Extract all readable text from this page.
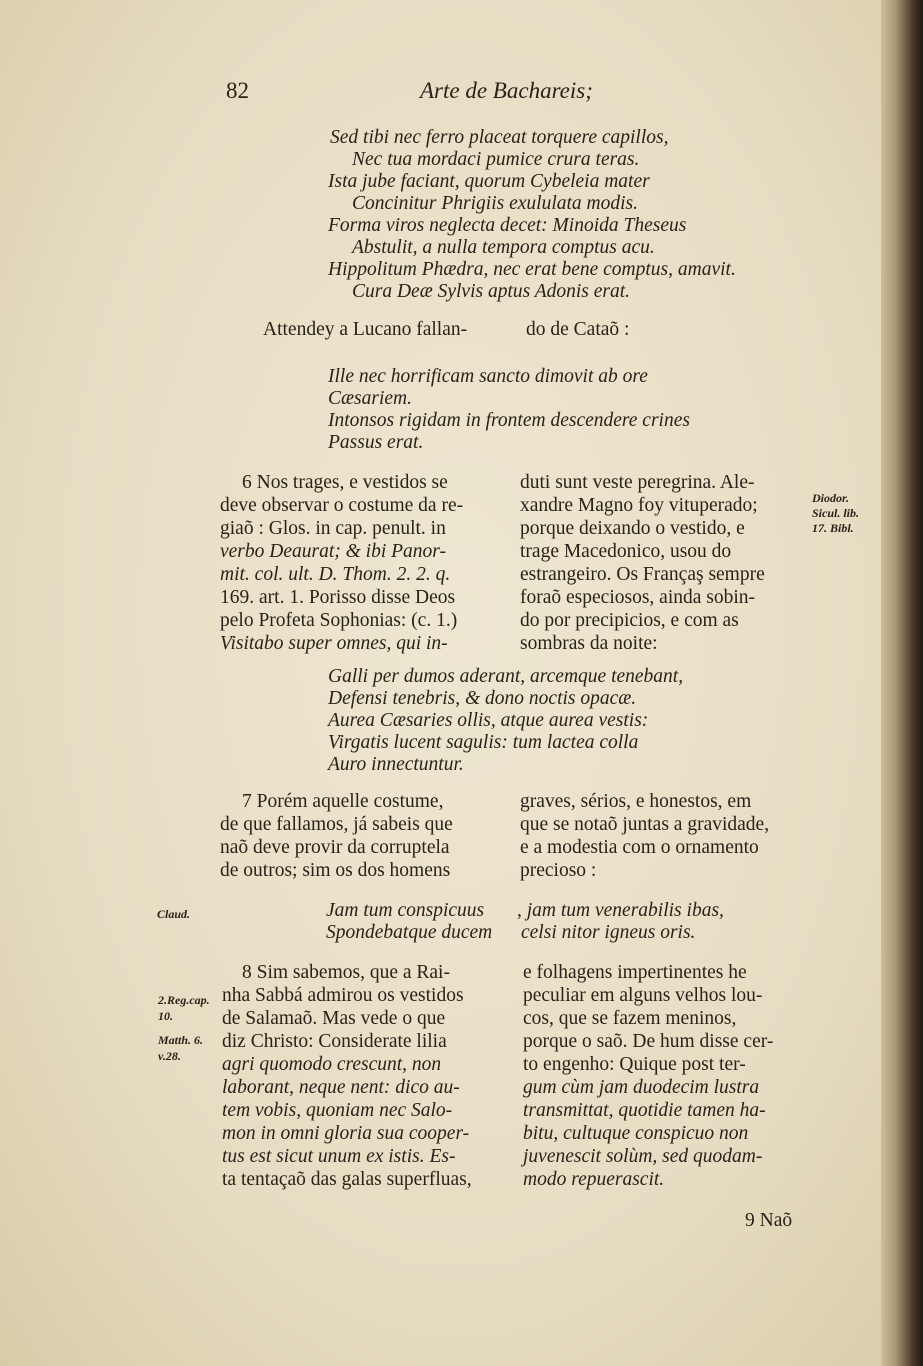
82	Arte de Bachareis;
Sed tibi nec ferro placeat torquere capillos,
Nec tua mordaci pumice crura teras.
Ista jube faciant, quorum Cybeleia mater
Concinitur Phrigiis exululata modis.
Forma viros neglecta decet: Minoida Theseus
Abstulit, a nulla tempora comptus acu.
Hippolitum Phædra, nec erat bene comptus, amavit.
Cura Deæ Sylvis aptus Adonis erat.
Attendey a Lucano fallan-	do de Cataõ :
Ille nec horrificam sancto dimovit ab ore
Cæsariem.
Intonsos rigidam in frontem descendere crines
Passus erat.
6 Nos trages, e vestidos se
deve observar o costume da re-
giaõ : Glos. in cap. penult. in
verbo Deaurat; & ibi Panor-
mit. col. ult. D. Thom. 2. 2. q.
169. art. 1. Porisso disse Deos
pelo Profeta Sophonias: (c. 1.)
Visitabo super omnes, qui in-
duti sunt veste peregrina. Ale-
xandre Magno foy vituperado;
porque deixando o vestido, e
trage Macedonico, usou do
estrangeiro. Os Françaş sempre
foraõ especiosos, ainda sobin-
do por precipicios, e com as
sombras da noite:
Diodor.
Sicul. lib.
17. Bibl.
Galli per dumos aderant, arcemque tenebant,
Defensi tenebris, & dono noctis opacæ.
Aurea Cæsaries ollis, atque aurea vestis:
Virgatis lucent sagulis: tum lactea colla
Auro innectuntur.
7 Porém aquelle costume,
de que fallamos, já sabeis que
naõ deve provir da corruptela
de outros; sim os dos homens
graves, sérios, e honestos, em
que se notaõ juntas a gravidade,
e a modestia com o ornamento
precioso :
Claud.	Jam tum conspicuus
Spondebatque ducem
, jam tum venerabilis ibas,
celsi nitor igneus oris.
2.Reg.cap.
10.
Matth. 6.
v.28.
8 Sim sabemos, que a Rai-
nha Sabbá admirou os vestidos
de Salamaõ. Mas vede o que
diz Christo: Considerate lilia
agri quomodo crescunt, non
laborant, neque nent: dico au-
tem vobis, quoniam nec Salo-
mon in omni gloria sua cooper-
tus est sicut unum ex istis. Es-
ta tentaçaõ das galas superfluas,
e folhagens impertinentes he
peculiar em alguns velhos lou-
cos, que se fazem meninos,
porque o saõ. De hum disse cer-
to engenho: Quique post ter-
gum cùm jam duodecim lustra
transmittat, quotidie tamen ha-
bitu, cultuque conspicuo non
juvenescit solùm, sed quodam-
modo repuerascit.
9 Naõ
